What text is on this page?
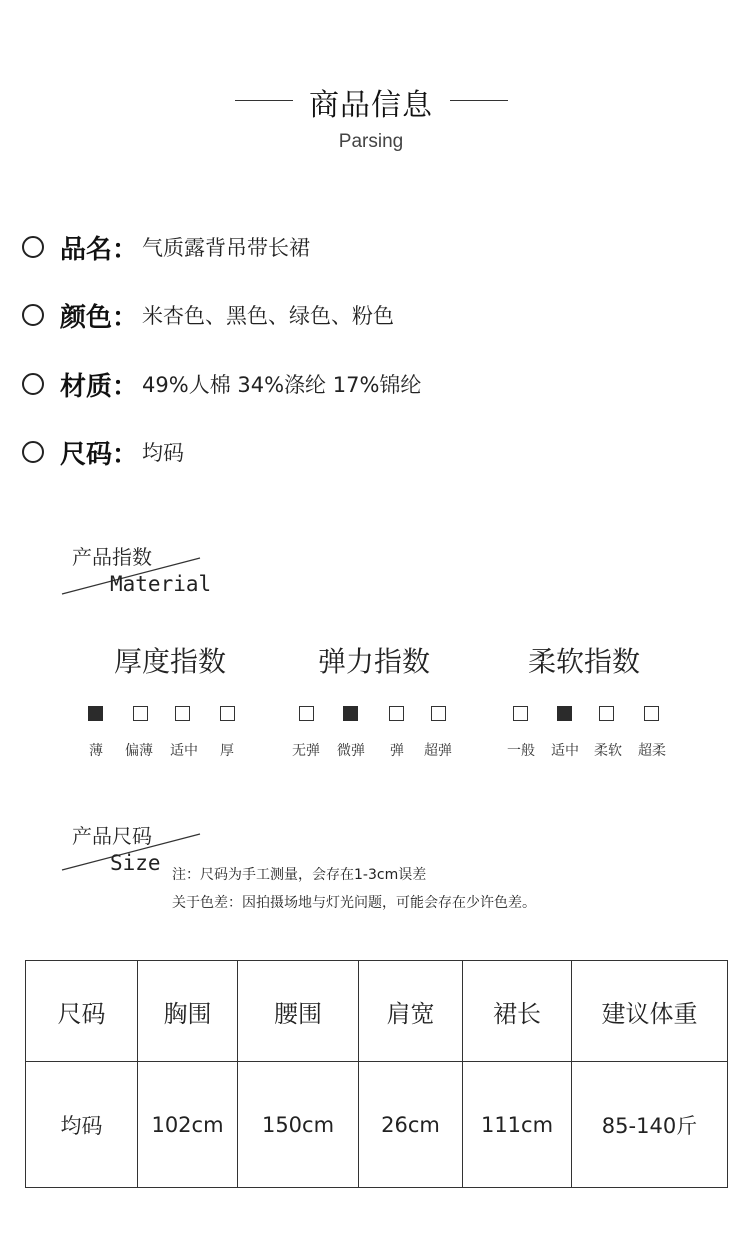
商品信息
Parsing
品名 ： 气质露背吊带长裙
颜色 ： 米杏色、黑色、绿色、粉色
材质 ： 49%人棉 34%涤纶 17%锦纶
尺码 ： 均码
产品指数
Material
厚度指数
薄 偏薄 适中 厚
弹力指数
无弹 微弹 弹 超弹
柔软指数
一般 适中 柔软 超柔
产品尺码
Size 注：尺码为手工测量，会存在1-3cm误差
关于色差：因拍摄场地与灯光问题，可能会存在少许色差。
尺码	胸围	腰围	肩宽	裙长	建议体重
均码	102cm	150cm	26cm	111cm	85-140斤
